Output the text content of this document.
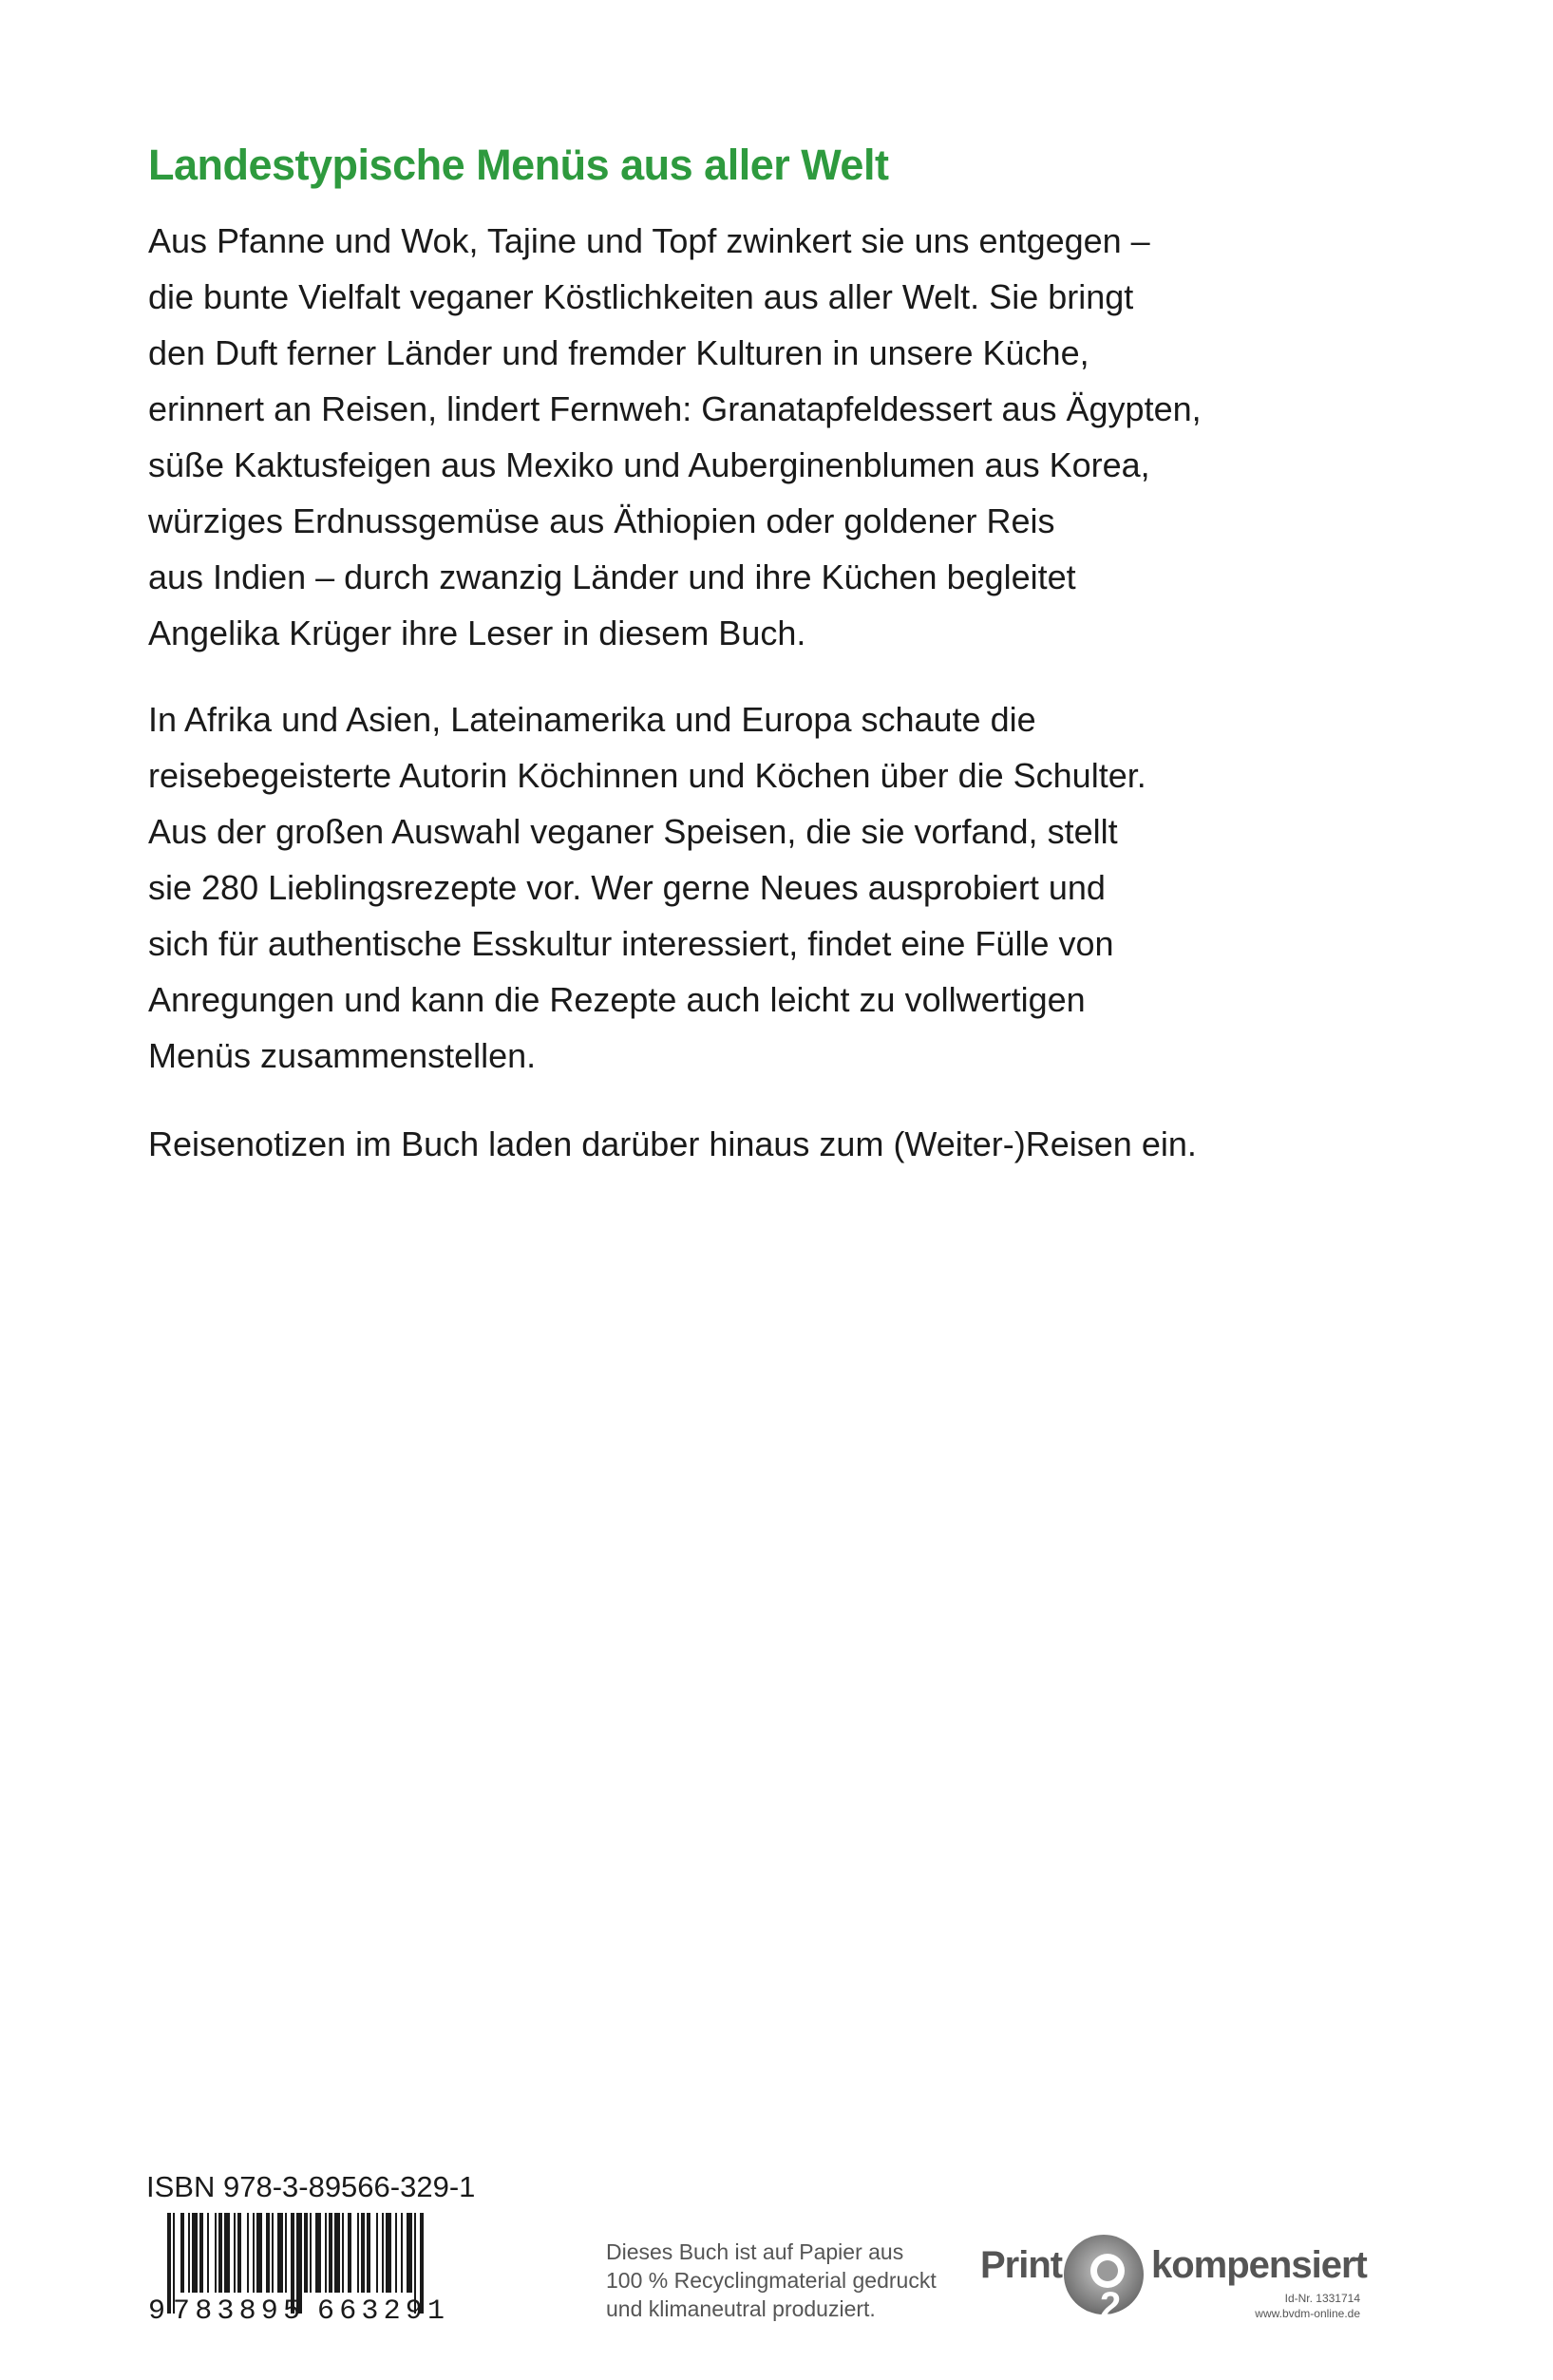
Landestypische Menüs aus aller Welt

Aus Pfanne und Wok, Tajine und Topf zwinkert sie uns entgegen –
die bunte Vielfalt veganer Köstlichkeiten aus aller Welt. Sie bringt
den Duft ferner Länder und fremder Kulturen in unsere Küche,
erinnert an Reisen, lindert Fernweh: Granatapfeldessert aus Ägypten,
süße Kaktusfeigen aus Mexiko und Auberginenblumen aus Korea,
würziges Erdnussgemüse aus Äthiopien oder goldener Reis
aus Indien – durch zwanzig Länder und ihre Küchen begleitet
Angelika Krüger ihre Leser in diesem Buch.

In Afrika und Asien, Lateinamerika und Europa schaute die
reisebegeisterte Autorin Köchinnen und Köchen über die Schulter.
Aus der großen Auswahl veganer Speisen, die sie vorfand, stellt
sie 280 Lieblingsrezepte vor. Wer gerne Neues ausprobiert und
sich für authentische Esskultur interessiert, findet eine Fülle von
Anregungen und kann die Rezepte auch leicht zu vollwertigen
Menüs zusammenstellen.

Reisenotizen im Buch laden darüber hinaus zum (Weiter-)Reisen ein.

ISBN 978-3-89566-329-1
9 783895 663291
Dieses Buch ist auf Papier aus
100 % Recyclingmaterial gedruckt
und klimaneutral produziert.
Print
2
kompensiert
Id-Nr. 1331714
www.bvdm-online.de
